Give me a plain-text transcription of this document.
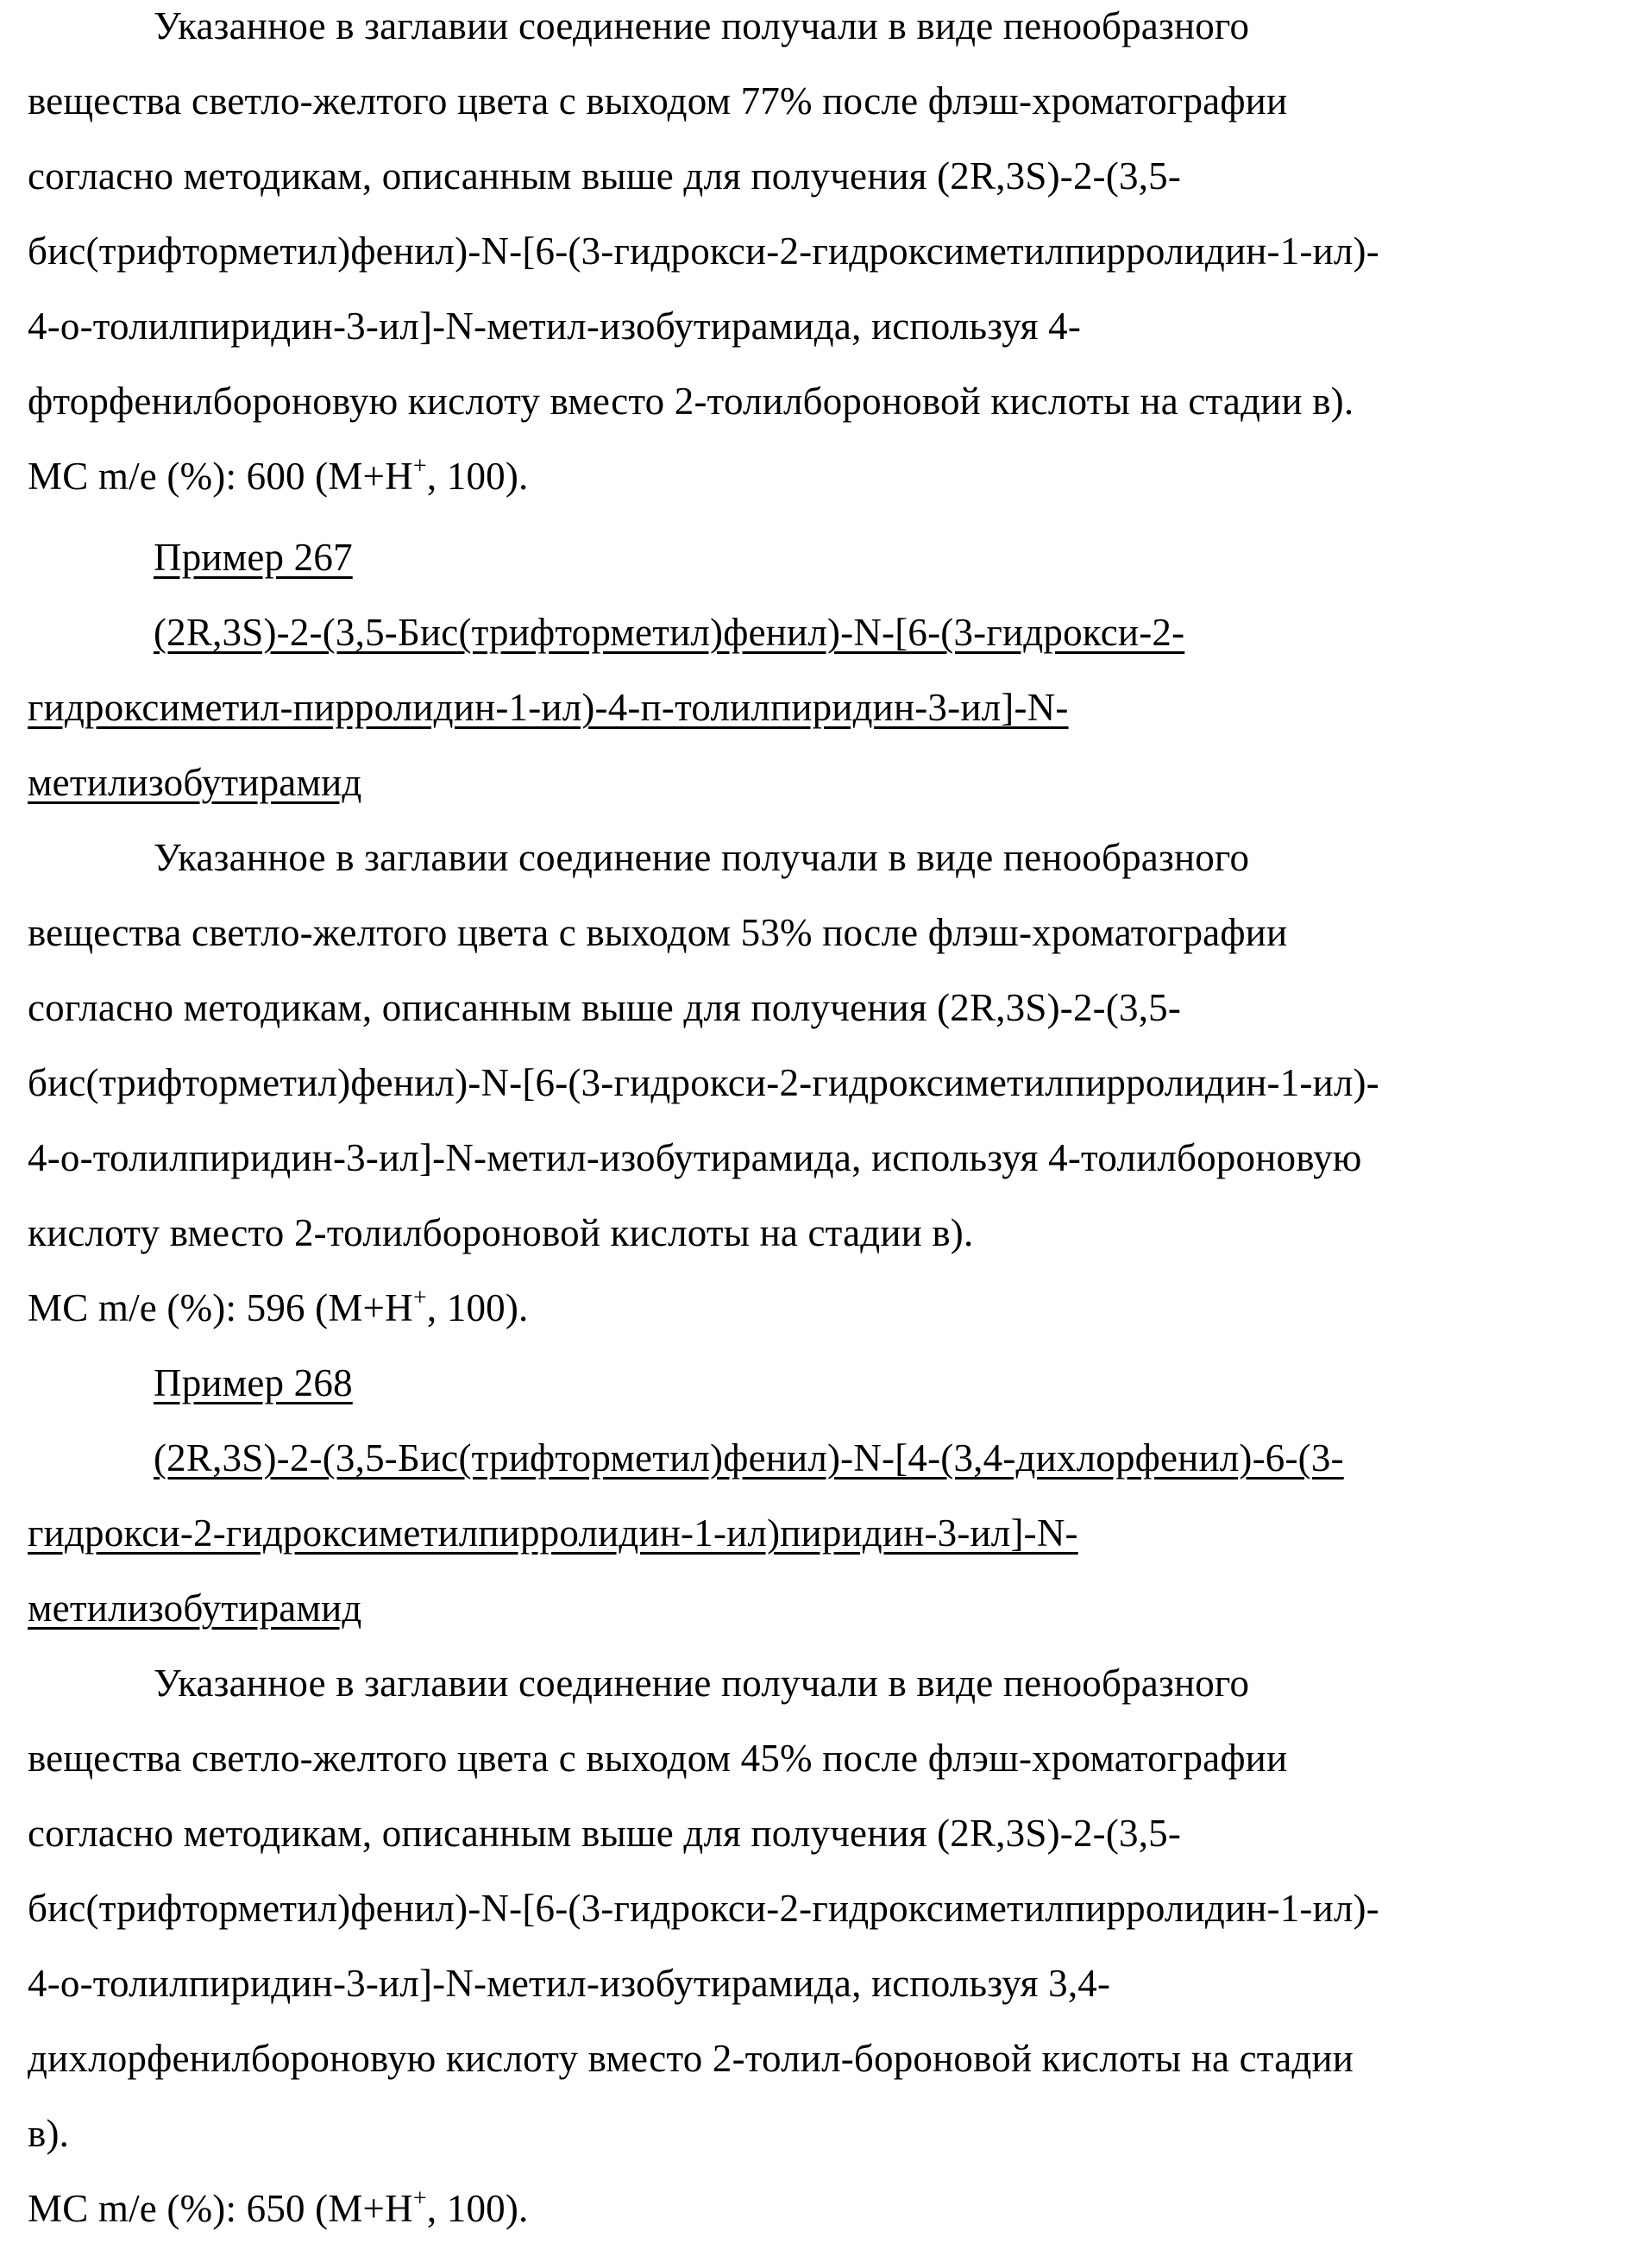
Указанное в заглавии соединение получали в виде пенообразного
вещества светло-желтого цвета с выходом 77% после флэш-хроматографии
согласно методикам, описанным выше для получения (2R,3S)-2-(3,5-
бис(трифторметил)фенил)-N-[6-(3-гидрокси-2-гидроксиметилпирролидин-1-ил)-
4-о-толилпиридин-3-ил]-N-метил-изобутирамида, используя 4-
фторфенилбороновую кислоту вместо 2-толилбороновой кислоты на стадии в).
МС m/e (%): 600 (M+H+, 100).
Пример 267
(2R,3S)-2-(3,5-Бис(трифторметил)фенил)-N-[6-(3-гидрокси-2-
гидроксиметил-пирролидин-1-ил)-4-п-толилпиридин-3-ил]-N-
метилизобутирамид
Указанное в заглавии соединение получали в виде пенообразного
вещества светло-желтого цвета с выходом 53% после флэш-хроматографии
согласно методикам, описанным выше для получения (2R,3S)-2-(3,5-
бис(трифторметил)фенил)-N-[6-(3-гидрокси-2-гидроксиметилпирролидин-1-ил)-
4-о-толилпиридин-3-ил]-N-метил-изобутирамида, используя 4-толилбороновую
кислоту вместо 2-толилбороновой кислоты на стадии в).
МС m/e (%): 596 (M+H+, 100).
Пример 268
(2R,3S)-2-(3,5-Бис(трифторметил)фенил)-N-[4-(3,4-дихлорфенил)-6-(3-
гидрокси-2-гидроксиметилпирролидин-1-ил)пиридин-3-ил]-N-
метилизобутирамид
Указанное в заглавии соединение получали в виде пенообразного
вещества светло-желтого цвета с выходом 45% после флэш-хроматографии
согласно методикам, описанным выше для получения (2R,3S)-2-(3,5-
бис(трифторметил)фенил)-N-[6-(3-гидрокси-2-гидроксиметилпирролидин-1-ил)-
4-о-толилпиридин-3-ил]-N-метил-изобутирамида, используя 3,4-
дихлорфенилбороновую кислоту вместо 2-толил-бороновой кислоты на стадии
в).
МС m/e (%): 650 (M+H+, 100).
